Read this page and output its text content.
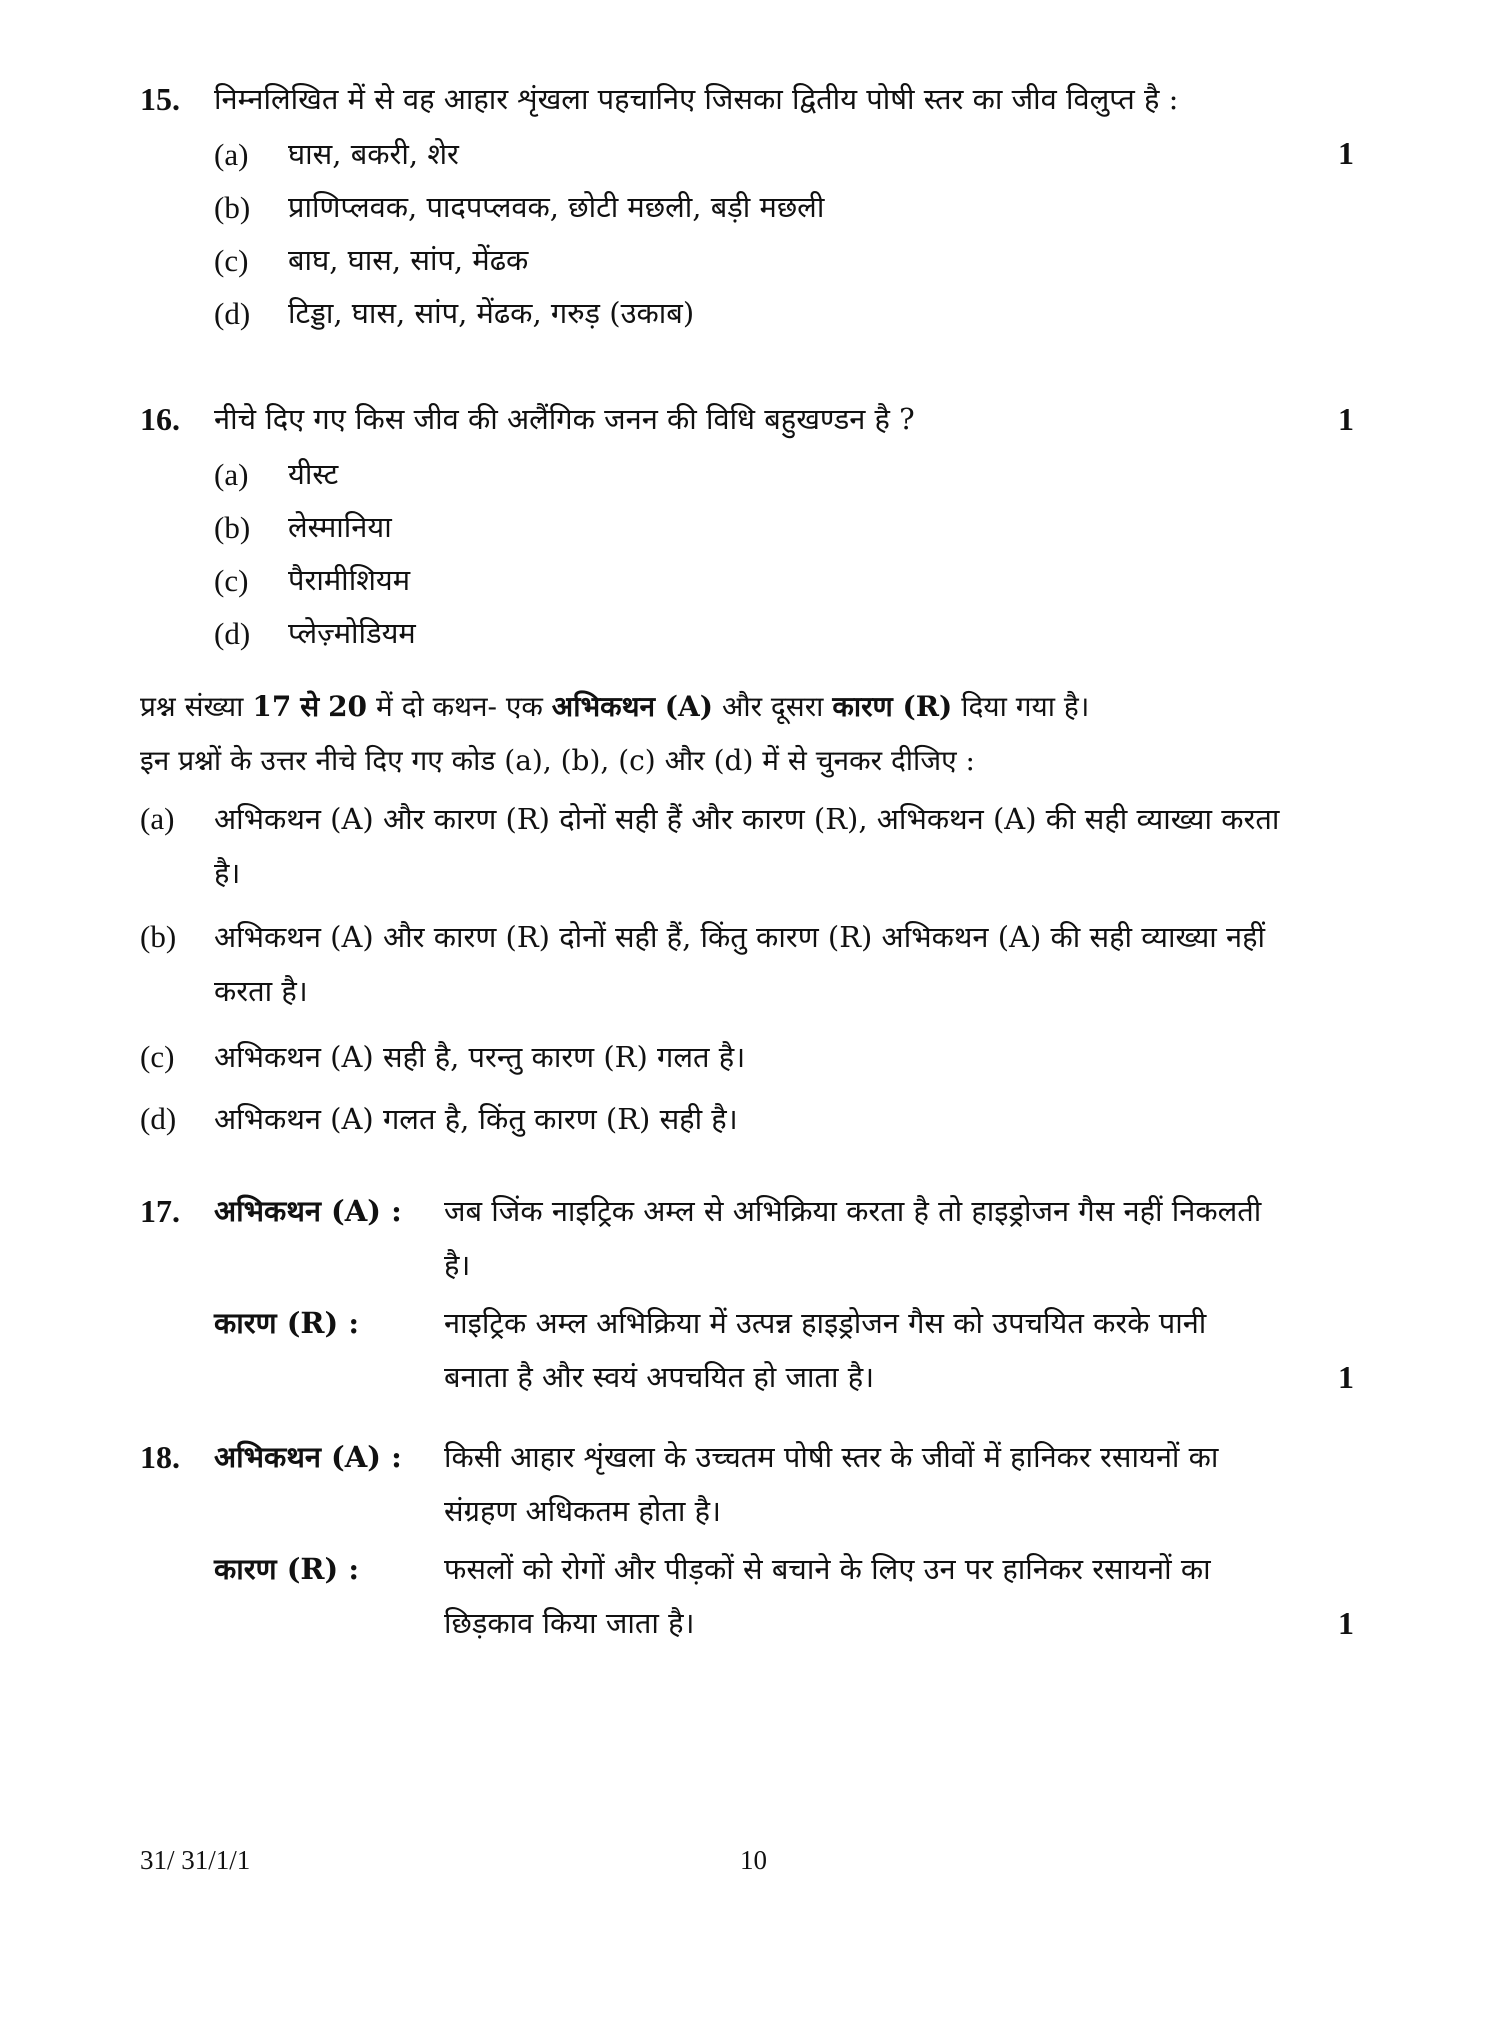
15. निम्नलिखित में से वह आहार शृंखला पहचानिए जिसका द्वितीय पोषी स्तर का जीव विलुप्त है :
1
(a)	घास, बकरी, शेर
(b)	प्राणिप्लवक, पादपप्लवक, छोटी मछली, बड़ी मछली
(c)	बाघ, घास, सांप, मेंढक
(d)	टिड्डा, घास, सांप, मेंढक, गरुड़ (उकाब)
16. नीचे दिए गए किस जीव की अलैंगिक जनन की विधि बहुखण्डन है ?	1
(a)	यीस्ट
(b)	लेस्मानिया
(c)	पैरामीशियम
(d)	प्लेज़्मोडियम
प्रश्न संख्या 17 से 20 में दो कथन- एक अभिकथन (A) और दूसरा कारण (R) दिया गया है।
इन प्रश्नों के उत्तर नीचे दिए गए कोड (a), (b), (c) और (d) में से चुनकर दीजिए :
(a)	अभिकथन (A) और कारण (R) दोनों सही हैं और कारण (R), अभिकथन (A) की सही व्याख्या करता है।
(b)	अभिकथन (A) और कारण (R) दोनों सही हैं, किंतु कारण (R) अभिकथन (A) की सही व्याख्या नहीं करता है।
(c)	अभिकथन (A) सही है, परन्तु कारण (R) गलत है।
(d)	अभिकथन (A) गलत है, किंतु कारण (R) सही है।
17.	अभिकथन (A) :	जब जिंक नाइट्रिक अम्ल से अभिक्रिया करता है तो हाइड्रोजन गैस नहीं निकलती है।
कारण (R) :	नाइट्रिक अम्ल अभिक्रिया में उत्पन्न हाइड्रोजन गैस को उपचयित करके पानी बनाता है और स्वयं अपचयित हो जाता है।	1
18.	अभिकथन (A) :	किसी आहार शृंखला के उच्चतम पोषी स्तर के जीवों में हानिकर रसायनों का संग्रहण अधिकतम होता है।
कारण (R) :	फसलों को रोगों और पीड़कों से बचाने के लिए उन पर हानिकर रसायनों का छिड़काव किया जाता है।	1
31/ 31/1/1	10
